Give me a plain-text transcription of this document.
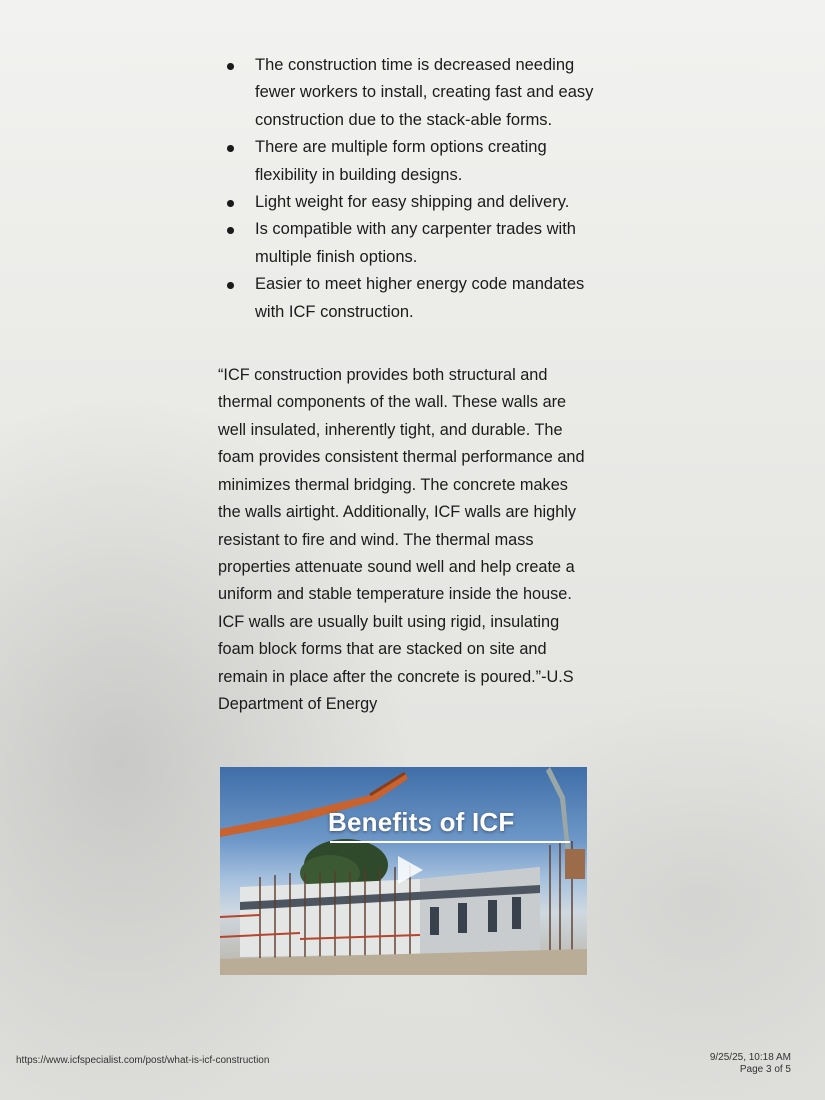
The construction time is decreased needing fewer workers to install, creating fast and easy construction due to the stack-able forms.
There are multiple form options creating flexibility in building designs.
Light weight for easy shipping and delivery.
Is compatible with any carpenter trades with multiple finish options.
Easier to meet higher energy code mandates with ICF construction.

“ICF construction provides both structural and thermal components of the wall. These walls are well insulated, inherently tight, and durable. The foam provides consistent thermal performance and minimizes thermal bridging. The concrete makes the walls airtight. Additionally, ICF walls are highly resistant to fire and wind. The thermal mass properties attenuate sound well and help create a uniform and stable temperature inside the house. ICF walls are usually built using rigid, insulating foam block forms that are stacked on site and remain in place after the concrete is poured.”-U.S Department of Energy

Benefits of ICF
https://www.icfspecialist.com/post/what-is-icf-construction	9/25/25, 10:18 AM
Page 3 of 5
